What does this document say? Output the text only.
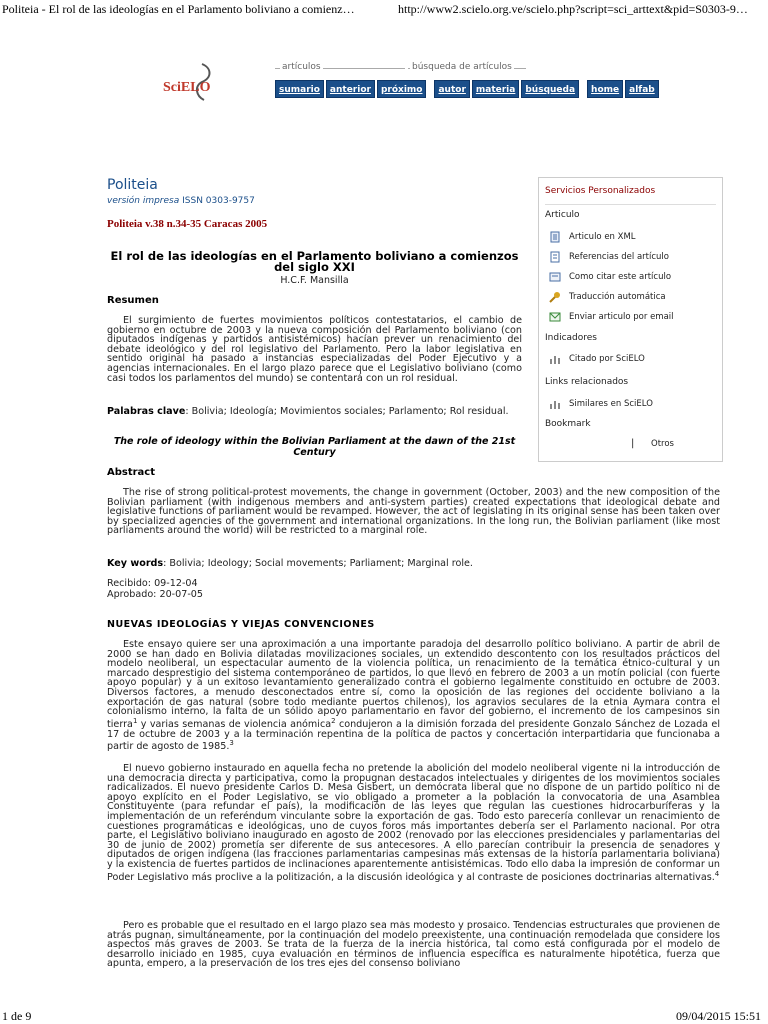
Politeia - El rol de las ideologías en el Parlamento boliviano a comienz…	http://www2.scielo.org.ve/scielo.php?script=sci_arttext&pid=S0303-9…
SciELO
artículos	búsqueda de artículos
sumario	anterior	próximo	autor	materia	búsqueda	home	alfab
Politeia
versión impresa ISSN 0303-9757
Politeia v.38 n.34-35 Caracas 2005
El rol de las ideologías en el Parlamento boliviano a comienzos del siglo XXI
H.C.F. Mansilla
Resumen
El surgimiento de fuertes movimientos políticos contestatarios, el cambio de gobierno en octubre de 2003 y la nueva composición del Parlamento boliviano (con diputados indígenas y partidos antisistémicos) hacían prever un renacimiento del debate ideológico y del rol legislativo del Parlamento. Pero la labor legislativa en sentido original ha pasado a instancias especializadas del Poder Ejecutivo y a agencias internacionales. En el largo plazo parece que el Legislativo boliviano (como casi todos los parlamentos del mundo) se contentará con un rol residual.
Palabras clave: Bolivia; Ideología; Movimientos sociales; Parlamento; Rol residual.
The role of ideology within the Bolivian Parliament at the dawn of the 21st Century
Abstract
The rise of strong political-protest movements, the change in government (October, 2003) and the new composition of the Bolivian parliament (with indigenous members and anti-system parties) created expectations that ideological debate and legislative functions of parliament would be revamped. However, the act of legislating in its original sense has been taken over by specialized agencies of the government and international organizations. In the long run, the Bolivian parliament (like most parliaments around the world) will be restricted to a marginal role.
Key words: Bolivia; Ideology; Social movements; Parliament; Marginal role.
Recibido: 09-12-04
Aprobado: 20-07-05
NUEVAS IDEOLOGÍAS Y VIEJAS CONVENCIONES
Este ensayo quiere ser una aproximación a una importante paradoja del desarrollo político boliviano. A partir de abril de 2000 se han dado en Bolivia dilatadas movilizaciones sociales, un extendido descontento con los resultados prácticos del modelo neoliberal, un espectacular aumento de la violencia política, un renacimiento de la temática étnico-cultural y un marcado desprestigio del sistema contemporáneo de partidos, lo que llevó en febrero de 2003 a un motín policial (con fuerte apoyo popular) y a un exitoso levantamiento generalizado contra el gobierno legalmente constituido en octubre de 2003. Diversos factores, a menudo desconectados entre sí, como la oposición de las regiones del occidente boliviano a la exportación de gas natural (sobre todo mediante puertos chilenos), los agravios seculares de la etnia Aymara contra el colonialismo interno, la falta de un sólido apoyo parlamentario en favor del gobierno, el incremento de los campesinos sin tierra$^1$ y varias semanas de violencia anómica$^2$ condujeron a la dimisión forzada del presidente Gonzalo Sánchez de Lozada el 17 de octubre de 2003 y a la terminación repentina de la política de pactos y concertación interpartidaria que funcionaba a partir de agosto de 1985.$^3$
El nuevo gobierno instaurado en aquella fecha no pretende la abolición del modelo neoliberal vigente ni la introducción de una democracia directa y participativa, como la propugnan destacados intelectuales y dirigentes de los movimientos sociales radicalizados. El nuevo presidente Carlos D. Mesa Gisbert, un demócrata liberal que no dispone de un partido político ni de apoyo explícito en el Poder Legislativo, se vio obligado a prometer a la población la convocatoria de una Asamblea Constituyente (para refundar el país), la modificación de las leyes que regulan las cuestiones hidrocarburíferas y la implementación de un referéndum vinculante sobre la exportación de gas. Todo esto parecería conllevar un renacimiento de cuestiones programáticas e ideológicas, uno de cuyos foros más importantes debería ser el Parlamento nacional. Por otra parte, el Legislativo boliviano inaugurado en agosto de 2002 (renovado por las elecciones presidenciales y parlamentarias del 30 de junio de 2002) prometía ser diferente de sus antecesores. A ello parecían contribuir la presencia de senadores y diputados de origen indígena (las fracciones parlamentarias campesinas más extensas de la historia parlamentaria boliviana) y la existencia de fuertes partidos de inclinaciones aparentemente antisistémicas. Todo ello daba la impresión de conformar un Poder Legislativo más proclive a la politización, a la discusión ideológica y al contraste de posiciones doctrinarias alternativas.$^4$
Pero es probable que el resultado en el largo plazo sea más modesto y prosaico. Tendencias estructurales que provienen de atrás pugnan, simultáneamente, por la continuación del modelo preexistente, una continuación remodelada que considere los aspectos más graves de 2003. Se trata de la fuerza de la inercia histórica, tal como está configurada por el modelo de desarrollo iniciado en 1985, cuya evaluación en términos de influencia específica es naturalmente hipotética, fuerza que apunta, empero, a la preservación de los tres ejes del consenso boliviano
Servicios Personalizados
Articulo
Articulo en XML
Referencias del artículo
Como citar este artículo
Traducción automática
Enviar articulo por email
Indicadores
Citado por SciELO
Links relacionados
Similares en SciELO
Bookmark
| Otros
1 de 9	09/04/2015 15:51
